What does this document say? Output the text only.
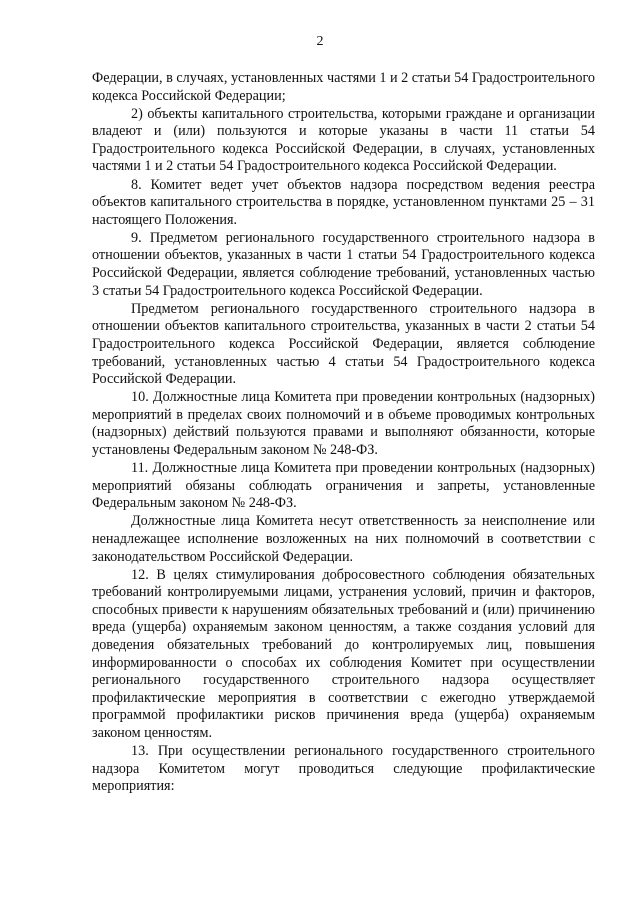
2

Федерации, в случаях, установленных частями 1 и 2 статьи 54 Градостроительного кодекса Российской Федерации;

2) объекты капитального строительства, которыми граждане и организации владеют и (или) пользуются и которые указаны в части 11 статьи 54 Градостроительного кодекса Российской Федерации, в случаях, установленных частями 1 и 2 статьи 54 Градостроительного кодекса Российской Федерации.

8. Комитет ведет учет объектов надзора посредством ведения реестра объектов капитального строительства в порядке, установленном пунктами 25 – 31 настоящего Положения.

9. Предметом регионального государственного строительного надзора в отношении объектов, указанных в части 1 статьи 54 Градостроительного кодекса Российской Федерации, является соблюдение требований, установленных частью 3 статьи 54 Градостроительного кодекса Российской Федерации.

Предметом регионального государственного строительного надзора в отношении объектов капитального строительства, указанных в части 2 статьи 54 Градостроительного кодекса Российской Федерации, является соблюдение требований, установленных частью 4 статьи 54 Градостроительного кодекса Российской Федерации.

10. Должностные лица Комитета при проведении контрольных (надзорных) мероприятий в пределах своих полномочий и в объеме проводимых контрольных (надзорных) действий пользуются правами и выполняют обязанности, которые установлены Федеральным законом № 248-ФЗ.

11. Должностные лица Комитета при проведении контрольных (надзорных) мероприятий обязаны соблюдать ограничения и запреты, установленные Федеральным законом № 248-ФЗ.

Должностные лица Комитета несут ответственность за неисполнение или ненадлежащее исполнение возложенных на них полномочий в соответствии с законодательством Российской Федерации.

12. В целях стимулирования добросовестного соблюдения обязательных требований контролируемыми лицами, устранения условий, причин и факторов, способных привести к нарушениям обязательных требований и (или) причинению вреда (ущерба) охраняемым законом ценностям, а также создания условий для доведения обязательных требований до контролируемых лиц, повышения информированности о способах их соблюдения Комитет при осуществлении регионального государственного строительного надзора осуществляет профилактические мероприятия в соответствии с ежегодно утверждаемой программой профилактики рисков причинения вреда (ущерба) охраняемым законом ценностям.

13. При осуществлении регионального государственного строительного надзора Комитетом могут проводиться следующие профилактические мероприятия:
